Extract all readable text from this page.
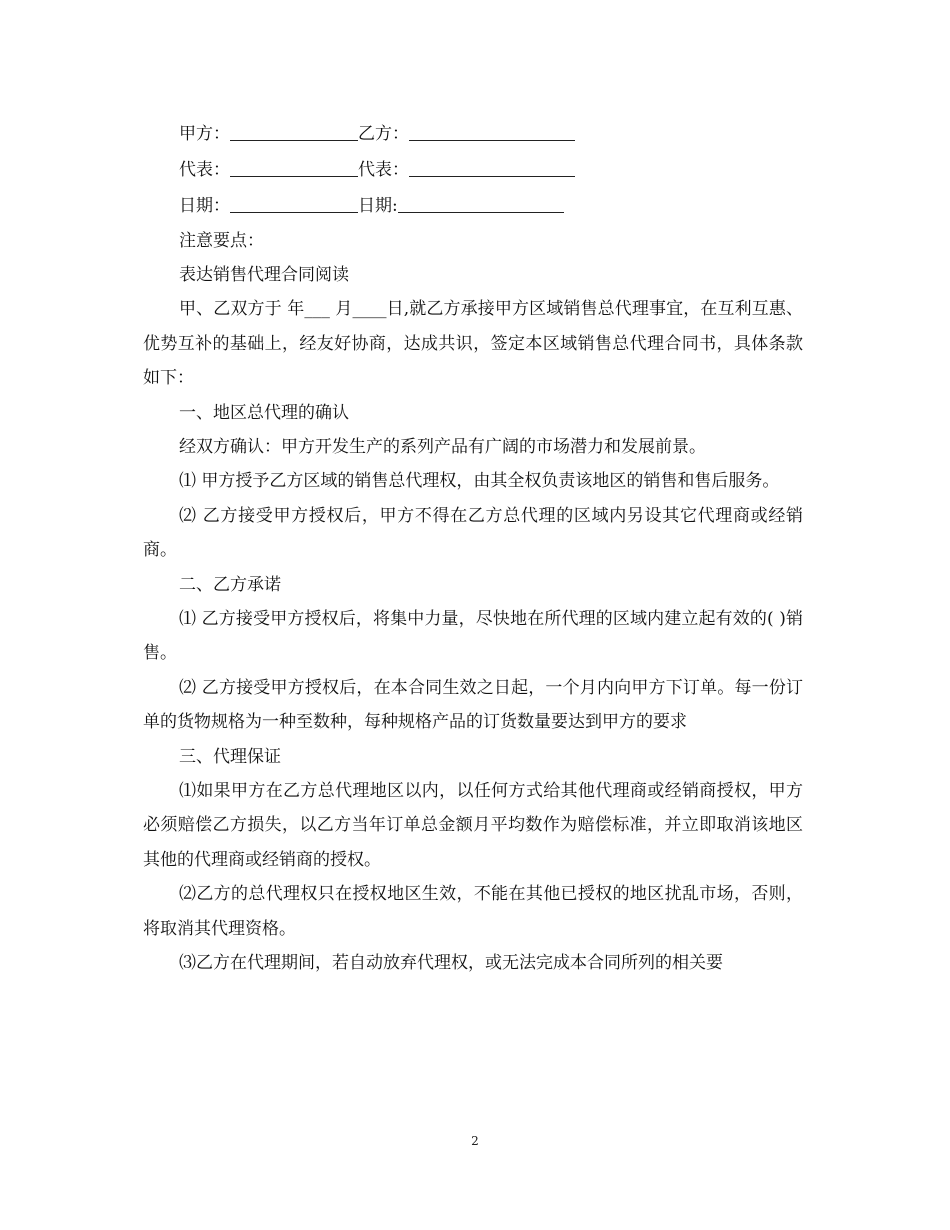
甲方：	乙方：
代表：	代表：
日期：	日期:
注意要点：
表达销售代理合同阅读

甲、乙双方于 年___ 月____日,就乙方承接甲方区域销售总代理事宜，在互利互惠、优势互补的基础上，经友好协商，达成共识，签定本区域销售总代理合同书，具体条款如下：

一、地区总代理的确认

经双方确认：甲方开发生产的系列产品有广阔的市场潜力和发展前景。

⑴ 甲方授予乙方区域的销售总代理权，由其全权负责该地区的销售和售后服务。

⑵ 乙方接受甲方授权后，甲方不得在乙方总代理的区域内另设其它代理商或经销商。

二、乙方承诺

⑴ 乙方接受甲方授权后，将集中力量，尽快地在所代理的区域内建立起有效的( )销售。

⑵ 乙方接受甲方授权后，在本合同生效之日起，一个月内向甲方下订单。每一份订单的货物规格为一种至数种，每种规格产品的订货数量要达到甲方的要求

三、代理保证

⑴如果甲方在乙方总代理地区以内，以任何方式给其他代理商或经销商授权，甲方必须赔偿乙方损失，以乙方当年订单总金额月平均数作为赔偿标准，并立即取消该地区其他的代理商或经销商的授权。

⑵乙方的总代理权只在授权地区生效，不能在其他已授权的地区扰乱市场，否则，将取消其代理资格。

⑶乙方在代理期间，若自动放弃代理权，或无法完成本合同所列的相关要

2
